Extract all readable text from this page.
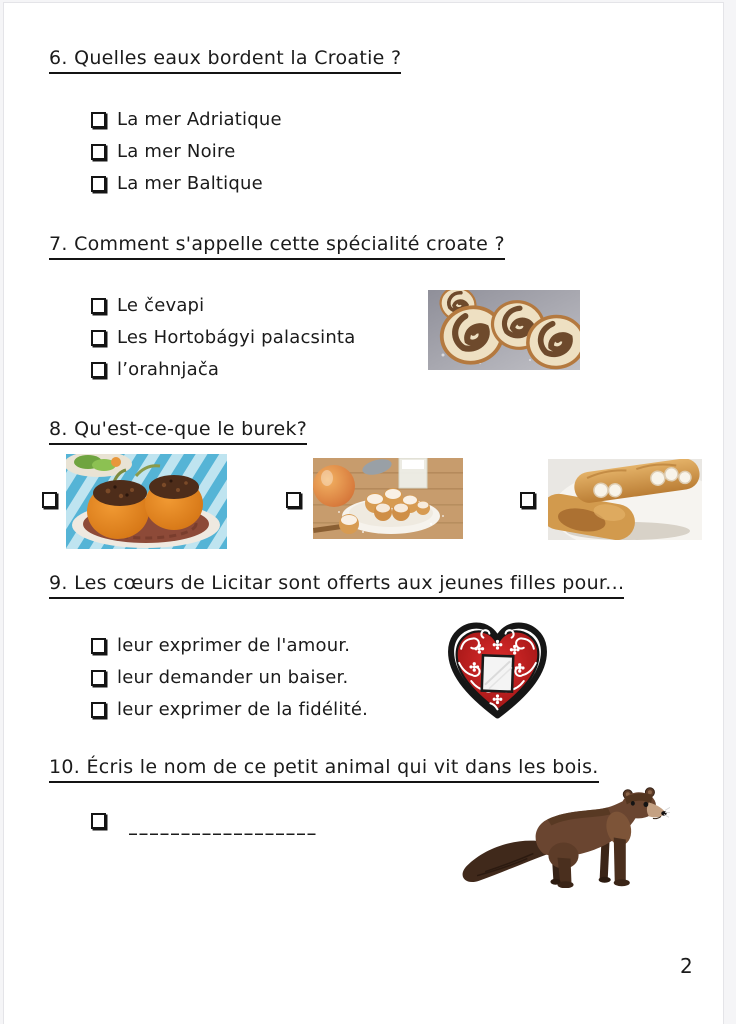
6. Quelles eaux bordent la Croatie ?
La mer Adriatique
La mer Noire
La mer Baltique
7. Comment s'appelle cette spécialité croate ?
Le čevapi
Les Hortobágyi palacsinta
l’orahnjača
8. Qu'est-ce-que le burek?
9. Les cœurs de Licitar sont offerts aux jeunes filles pour...
leur exprimer de l'amour.
leur demander un baiser.
leur exprimer de la fidélité.
10. Écris le nom de ce petit animal qui vit dans les bois.
__________________
2
